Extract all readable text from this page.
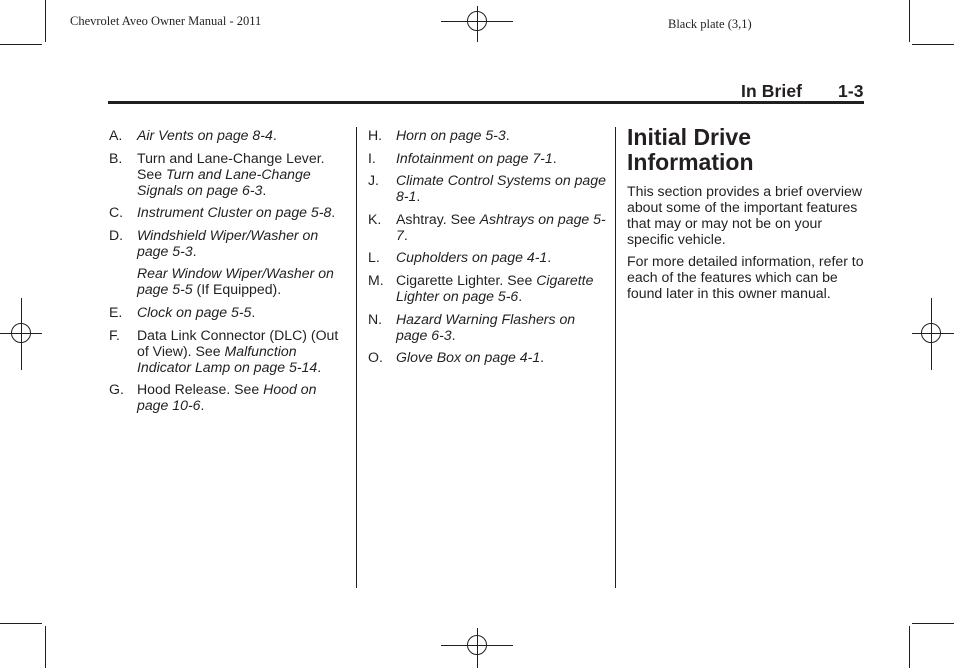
Chevrolet Aveo Owner Manual - 2011	Black plate (3,1)
In Brief 1-3
A. Air Vents on page 8-4.
B. Turn and Lane-Change Lever. See Turn and Lane-Change Signals on page 6-3.
C. Instrument Cluster on page 5-8.
D. Windshield Wiper/Washer on page 5-3.
Rear Window Wiper/Washer on page 5-5 (If Equipped).
E. Clock on page 5-5.
F. Data Link Connector (DLC) (Out of View). See Malfunction Indicator Lamp on page 5-14.
G. Hood Release. See Hood on page 10-6.
H. Horn on page 5-3.
I. Infotainment on page 7-1.
J. Climate Control Systems on page 8-1.
K. Ashtray. See Ashtrays on page 5-7.
L. Cupholders on page 4-1.
M. Cigarette Lighter. See Cigarette Lighter on page 5-6.
N. Hazard Warning Flashers on page 6-3.
O. Glove Box on page 4-1.
Initial Drive Information
This section provides a brief overview about some of the important features that may or may not be on your specific vehicle.
For more detailed information, refer to each of the features which can be found later in this owner manual.
